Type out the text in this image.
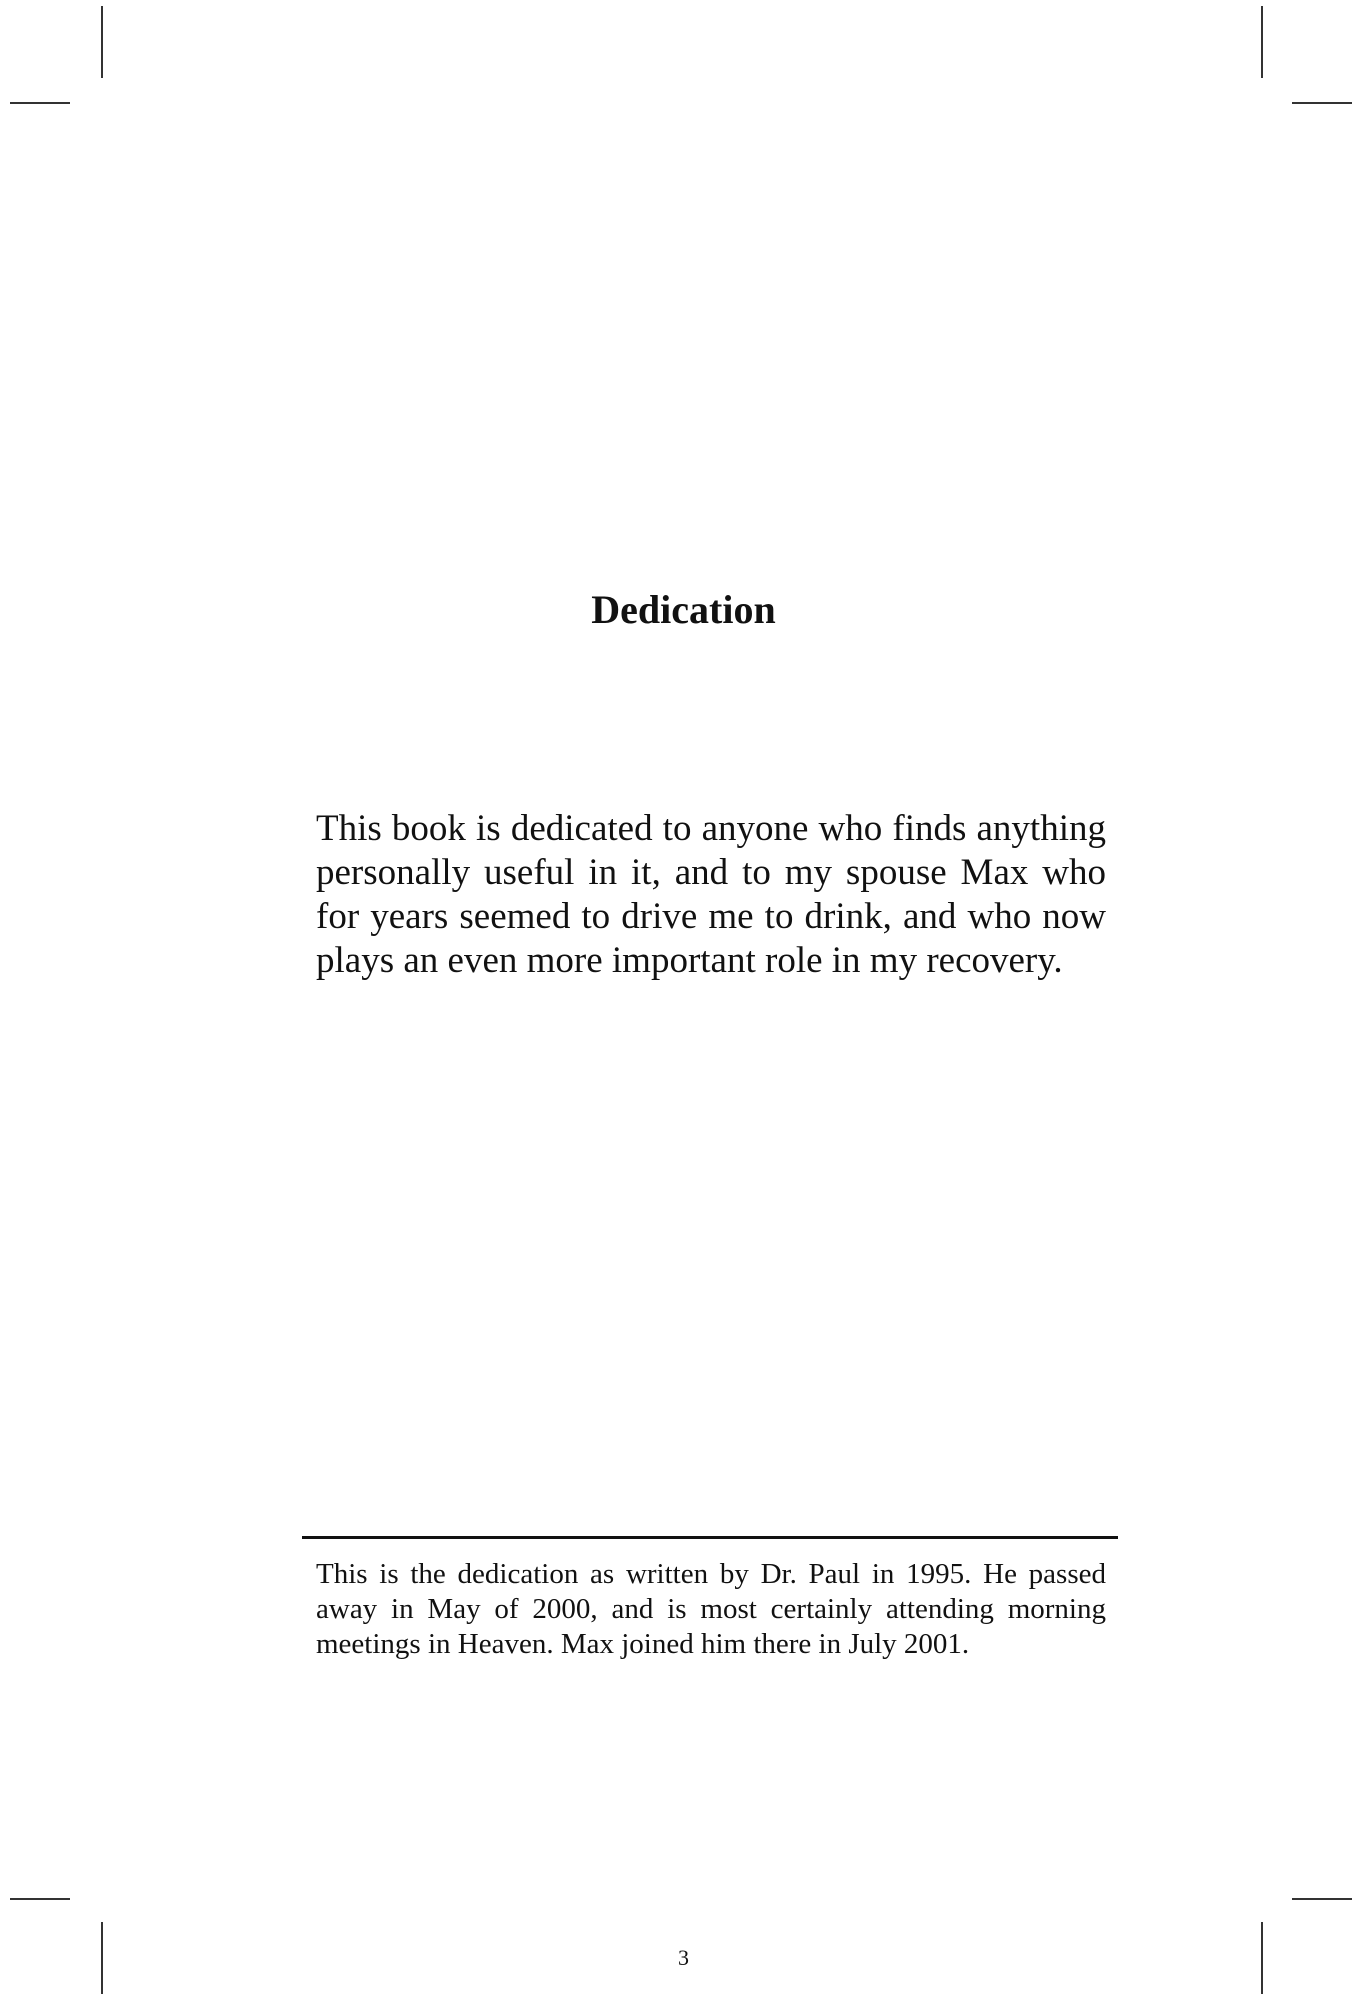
Dedication

This book is dedicated to anyone who finds anything personally useful in it, and to my spouse Max who for years seemed to drive me to drink, and who now plays an even more important role in my recovery.

This is the dedication as written by Dr. Paul in 1995. He passed away in May of 2000, and is most certainly attending morning meetings in Heaven. Max joined him there in July 2001.

3
